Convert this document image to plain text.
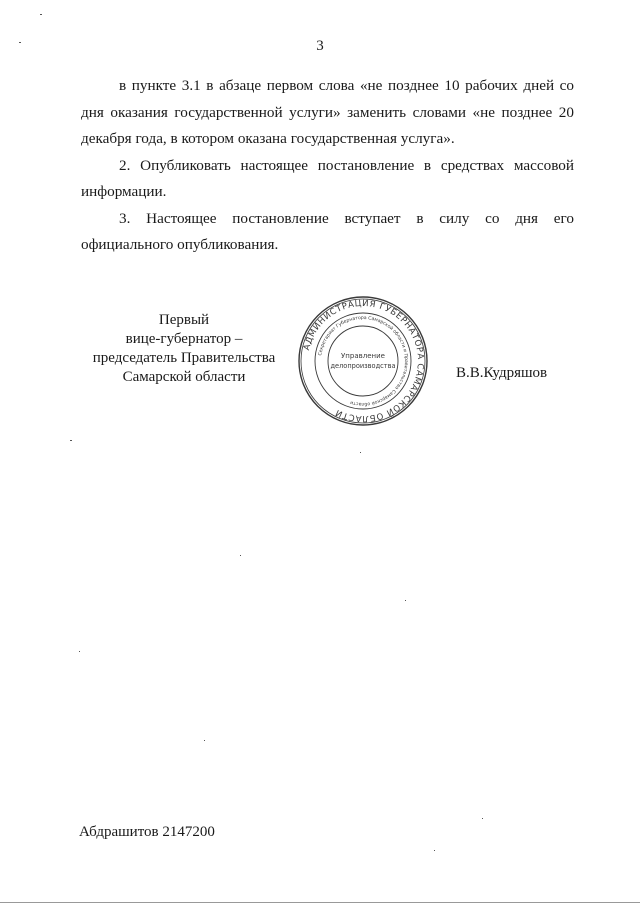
3

в пункте 3.1 в абзаце первом слова «не позднее 10 рабочих дней со дня оказания государственной услуги» заменить словами «не позднее 20 декабря года, в котором оказана государственная услуга».

2. Опубликовать настоящее постановление в средствах массовой информации.

3. Настоящее постановление вступает в силу со дня его официального опубликования.

Первый
вице-губернатор –
председатель Правительства
Самарской области
АДМИНИСТРАЦИЯ ГУБЕРНАТОРА САМАРСКОЙ ОБЛАСТИ
Секретариат Губернатора Самарской области и Правительства Самарской области
Управление
делопроизводства	В.В.Кудряшов
Абдрашитов 2147200
